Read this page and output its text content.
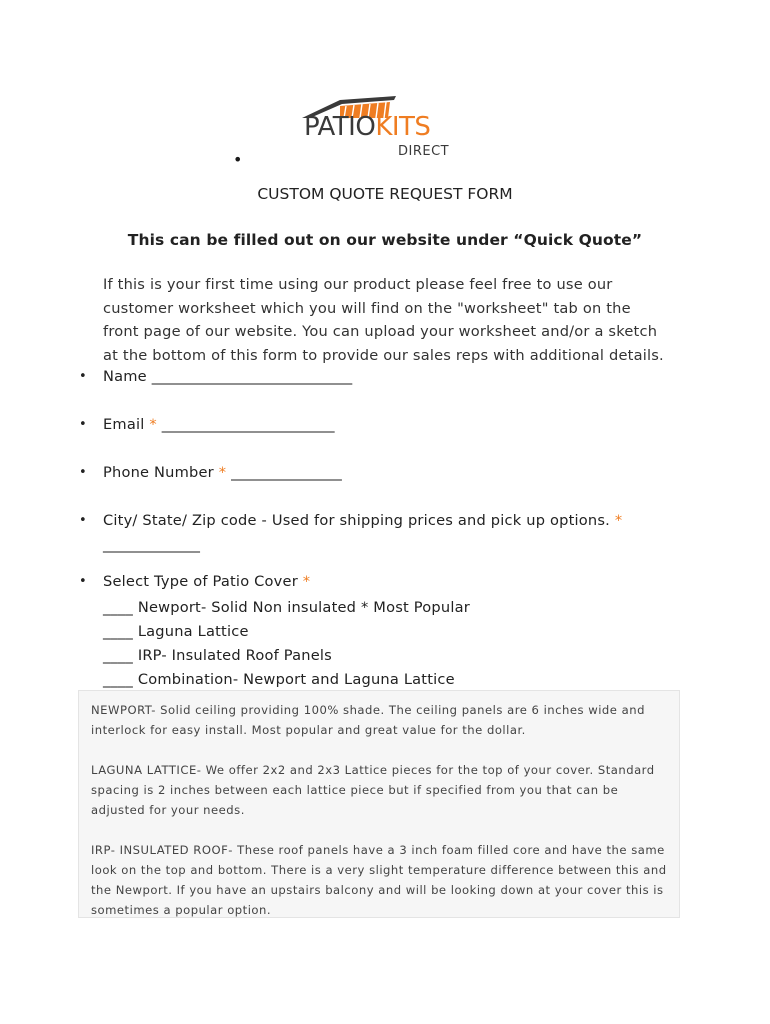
PATIOKITS
DIRECT
•
CUSTOM QUOTE REQUEST FORM
This can be filled out on our website under “Quick Quote”
If this is your first time using our product please feel free to use our
customer worksheet which you will find on the "worksheet" tab on the
front page of our website. You can upload your worksheet and/or a sketch
at the bottom of this form to provide our sales reps with additional details.
• Name _____________________________
• Email * _________________________
• Phone Number * ________________
• City/ State/ Zip code - Used for shipping prices and pick up options. *
______________
• Select Type of Patio Cover *
____ Newport- Solid Non insulated * Most Popular
____ Laguna Lattice
____ IRP- Insulated Roof Panels
____ Combination- Newport and Laguna Lattice

NEWPORT- Solid ceiling providing 100% shade. The ceiling panels are 6 inches wide and interlock for easy install. Most popular and great value for the dollar.

LAGUNA LATTICE- We offer 2x2 and 2x3 Lattice pieces for the top of your cover. Standard spacing is 2 inches between each lattice piece but if specified from you that can be adjusted for your needs.

IRP- INSULATED ROOF- These roof panels have a 3 inch foam filled core and have the same look on the top and bottom. There is a very slight temperature difference between this and the Newport. If you have an upstairs balcony and will be looking down at your cover this is sometimes a popular option.
